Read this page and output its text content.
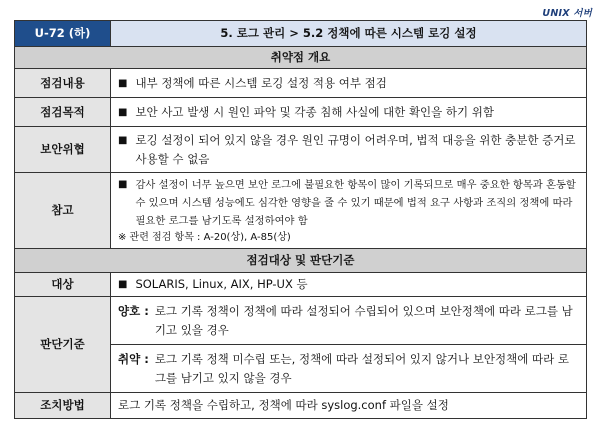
UNIX 서버
U-72 (하)	5. 로그 관리 > 5.2 정책에 따른 시스템 로깅 설정
취약점 개요	
점검내용	■ 내부 정책에 따른 시스템 로깅 설정 적용 여부 점검

점검목적	■ 보안 사고 발생 시 원인 파악 및 각종 침해 사실에 대한 확인을 하기 위함

보안위협	■ 로깅 설정이 되어 있지 않을 경우 원인 규명이 어려우며, 법적 대응을 위한 충분한 증거로 사용할 수 없음

참고	■ 감사 설정이 너무 높으면 보안 로그에 불필요한 항목이 많이 기록되므로 매우 중요한 항목과 혼동할 수 있으며 시스템 성능에도 심각한 영향을 줄 수 있기 때문에 법적 요구 사항과 조직의 정책에 따라 필요한 로그를 남기도록 설정하여야 함
※ 관련 점검 항목 : A-20(상), A-85(상)

점검대상 및 판단기준	
대상	■ SOLARIS, Linux, AIX, HP-UX 등

판단기준	양호 : 로그 기록 정책이 정책에 따라 설정되어 수립되어 있으며 보안정책에 따라 로그를 남기고 있을 경우

	취약 : 로그 기록 정책 미수립 또는, 정책에 따라 설정되어 있지 않거나 보안정책에 따라 로그를 남기고 있지 않을 경우

조치방법	로그 기록 정책을 수립하고, 정책에 따라 syslog.conf 파일을 설정
